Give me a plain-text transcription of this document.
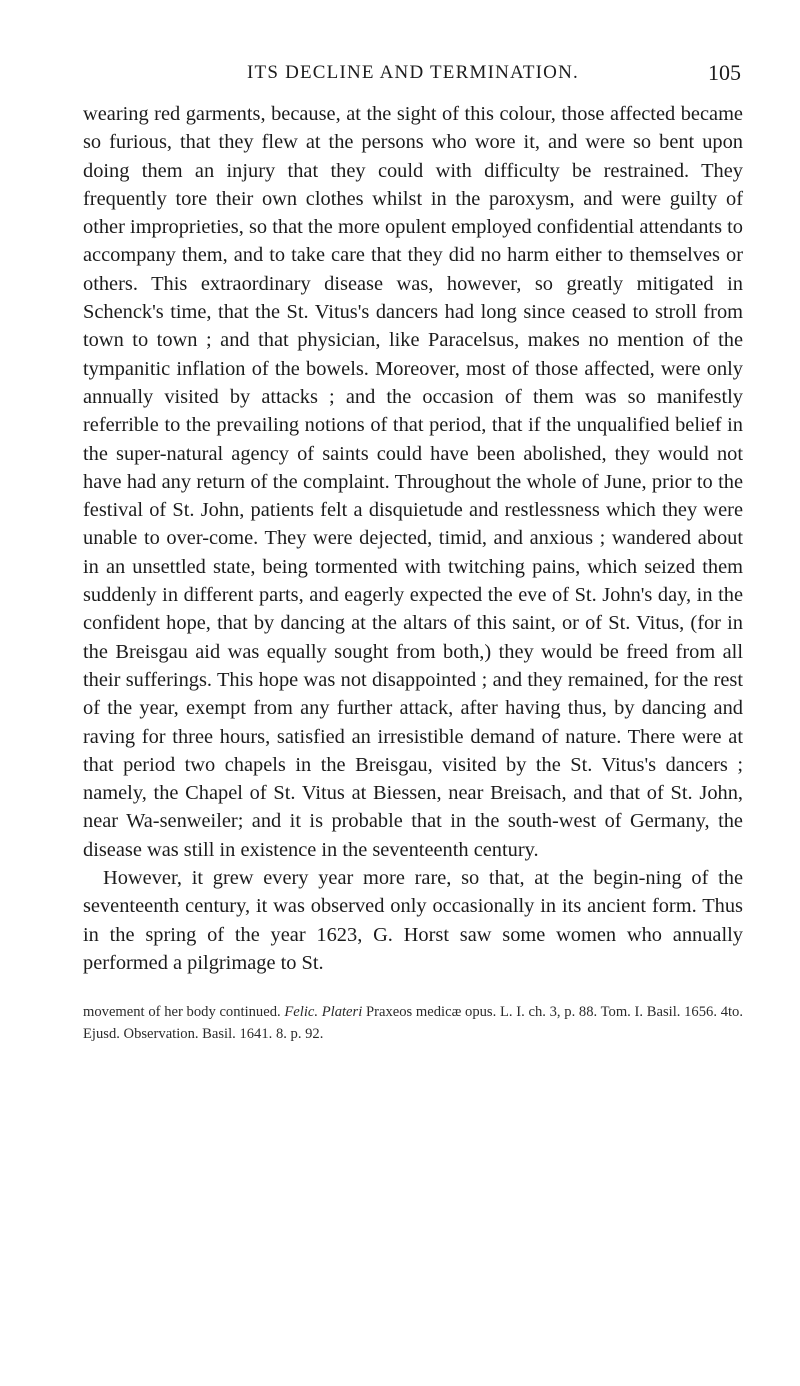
ITS DECLINE AND TERMINATION.	105

wearing red garments, because, at the sight of this colour, those affected became so furious, that they flew at the persons who wore it, and were so bent upon doing them an injury that they could with difficulty be restrained. They frequently tore their own clothes whilst in the paroxysm, and were guilty of other improprieties, so that the more opulent employed confidential attendants to accompany them, and to take care that they did no harm either to themselves or others. This extraordinary disease was, however, so greatly mitigated in Schenck's time, that the St. Vitus's dancers had long since ceased to stroll from town to town ; and that physician, like Paracelsus, makes no mention of the tympanitic inflation of the bowels. Moreover, most of those affected, were only annually visited by attacks ; and the occasion of them was so manifestly referrible to the prevailing notions of that period, that if the unqualified belief in the super-natural agency of saints could have been abolished, they would not have had any return of the complaint. Throughout the whole of June, prior to the festival of St. John, patients felt a disquietude and restlessness which they were unable to over-come. They were dejected, timid, and anxious ; wandered about in an unsettled state, being tormented with twitching pains, which seized them suddenly in different parts, and eagerly expected the eve of St. John's day, in the confident hope, that by dancing at the altars of this saint, or of St. Vitus, (for in the Breisgau aid was equally sought from both,) they would be freed from all their sufferings. This hope was not disappointed ; and they remained, for the rest of the year, exempt from any further attack, after having thus, by dancing and raving for three hours, satisfied an irresistible demand of nature. There were at that period two chapels in the Breisgau, visited by the St. Vitus's dancers ; namely, the Chapel of St. Vitus at Biessen, near Breisach, and that of St. John, near Wa-senweiler; and it is probable that in the south-west of Germany, the disease was still in existence in the seventeenth century.

However, it grew every year more rare, so that, at the begin-ning of the seventeenth century, it was observed only occasionally in its ancient form. Thus in the spring of the year 1623, G. Horst saw some women who annually performed a pilgrimage to St.

movement of her body continued. Felic. Plateri Praxeos medicæ opus. L. I. ch. 3, p. 88. Tom. I. Basil. 1656. 4to. Ejusd. Observation. Basil. 1641. 8. p. 92.
